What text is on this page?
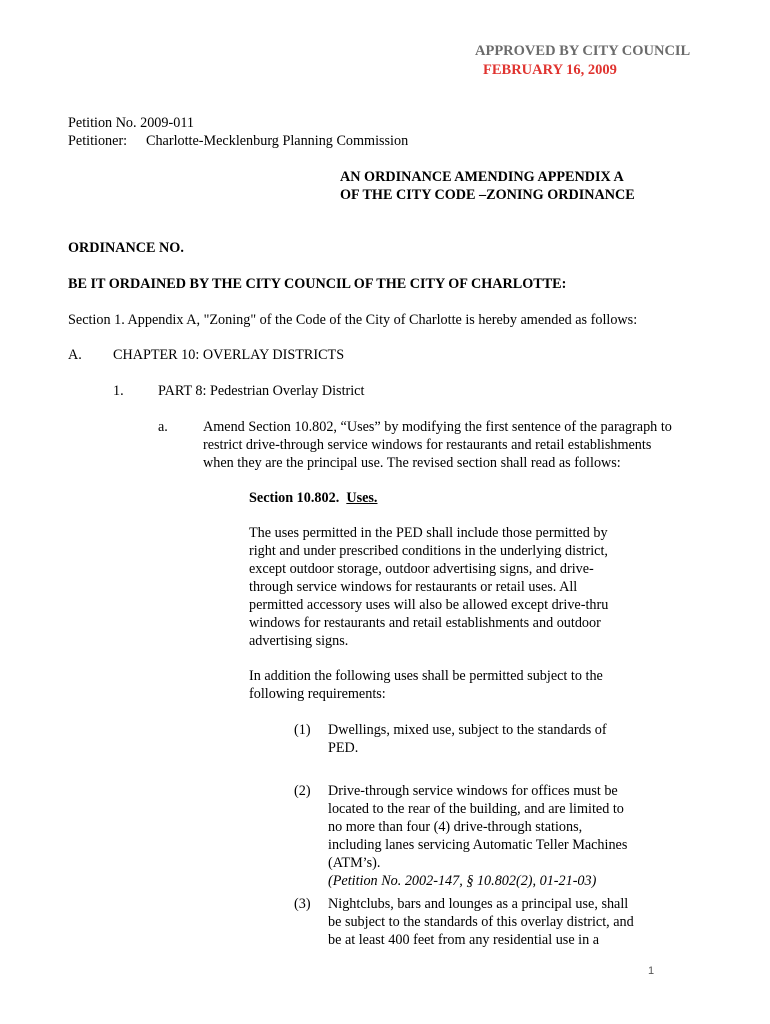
APPROVED BY CITY COUNCIL
FEBRUARY 16, 2009
Petition No. 2009-011
Petitioner: Charlotte-Mecklenburg Planning Commission
AN ORDINANCE AMENDING APPENDIX A
OF THE CITY CODE –ZONING ORDINANCE
ORDINANCE NO.
BE IT ORDAINED BY THE CITY COUNCIL OF THE CITY OF CHARLOTTE:
Section 1. Appendix A, "Zoning" of the Code of the City of Charlotte is hereby amended as follows:
A. CHAPTER 10: OVERLAY DISTRICTS
1. PART 8: Pedestrian Overlay District
a. Amend Section 10.802, “Uses” by modifying the first sentence of the paragraph to
restrict drive-through service windows for restaurants and retail establishments
when they are the principal use. The revised section shall read as follows:
Section 10.802. Uses.
The uses permitted in the PED shall include those permitted by
right and under prescribed conditions in the underlying district,
except outdoor storage, outdoor advertising signs, and drive-
through service windows for restaurants or retail uses. All
permitted accessory uses will also be allowed except drive-thru
windows for restaurants and retail establishments and outdoor
advertising signs.
In addition the following uses shall be permitted subject to the
following requirements:
(1) Dwellings, mixed use, subject to the standards of
PED.
(2) Drive-through service windows for offices must be
located to the rear of the building, and are limited to
no more than four (4) drive-through stations,
including lanes servicing Automatic Teller Machines
(ATM’s).
(Petition No. 2002-147, § 10.802(2), 01-21-03)
(3) Nightclubs, bars and lounges as a principal use, shall
be subject to the standards of this overlay district, and
be at least 400 feet from any residential use in a
1
